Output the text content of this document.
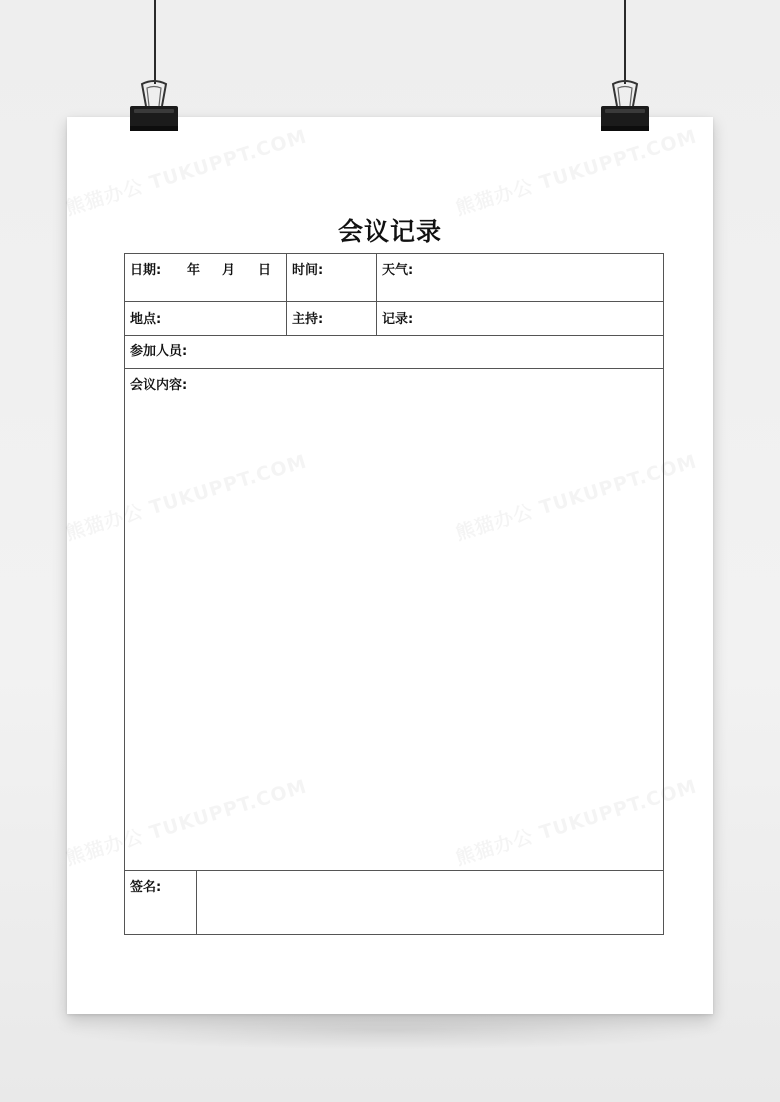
会议记录
日期: 年 月 日 时间:	天气:
地点:	主持:	记录:
参加人员:
会议内容:
签名:
